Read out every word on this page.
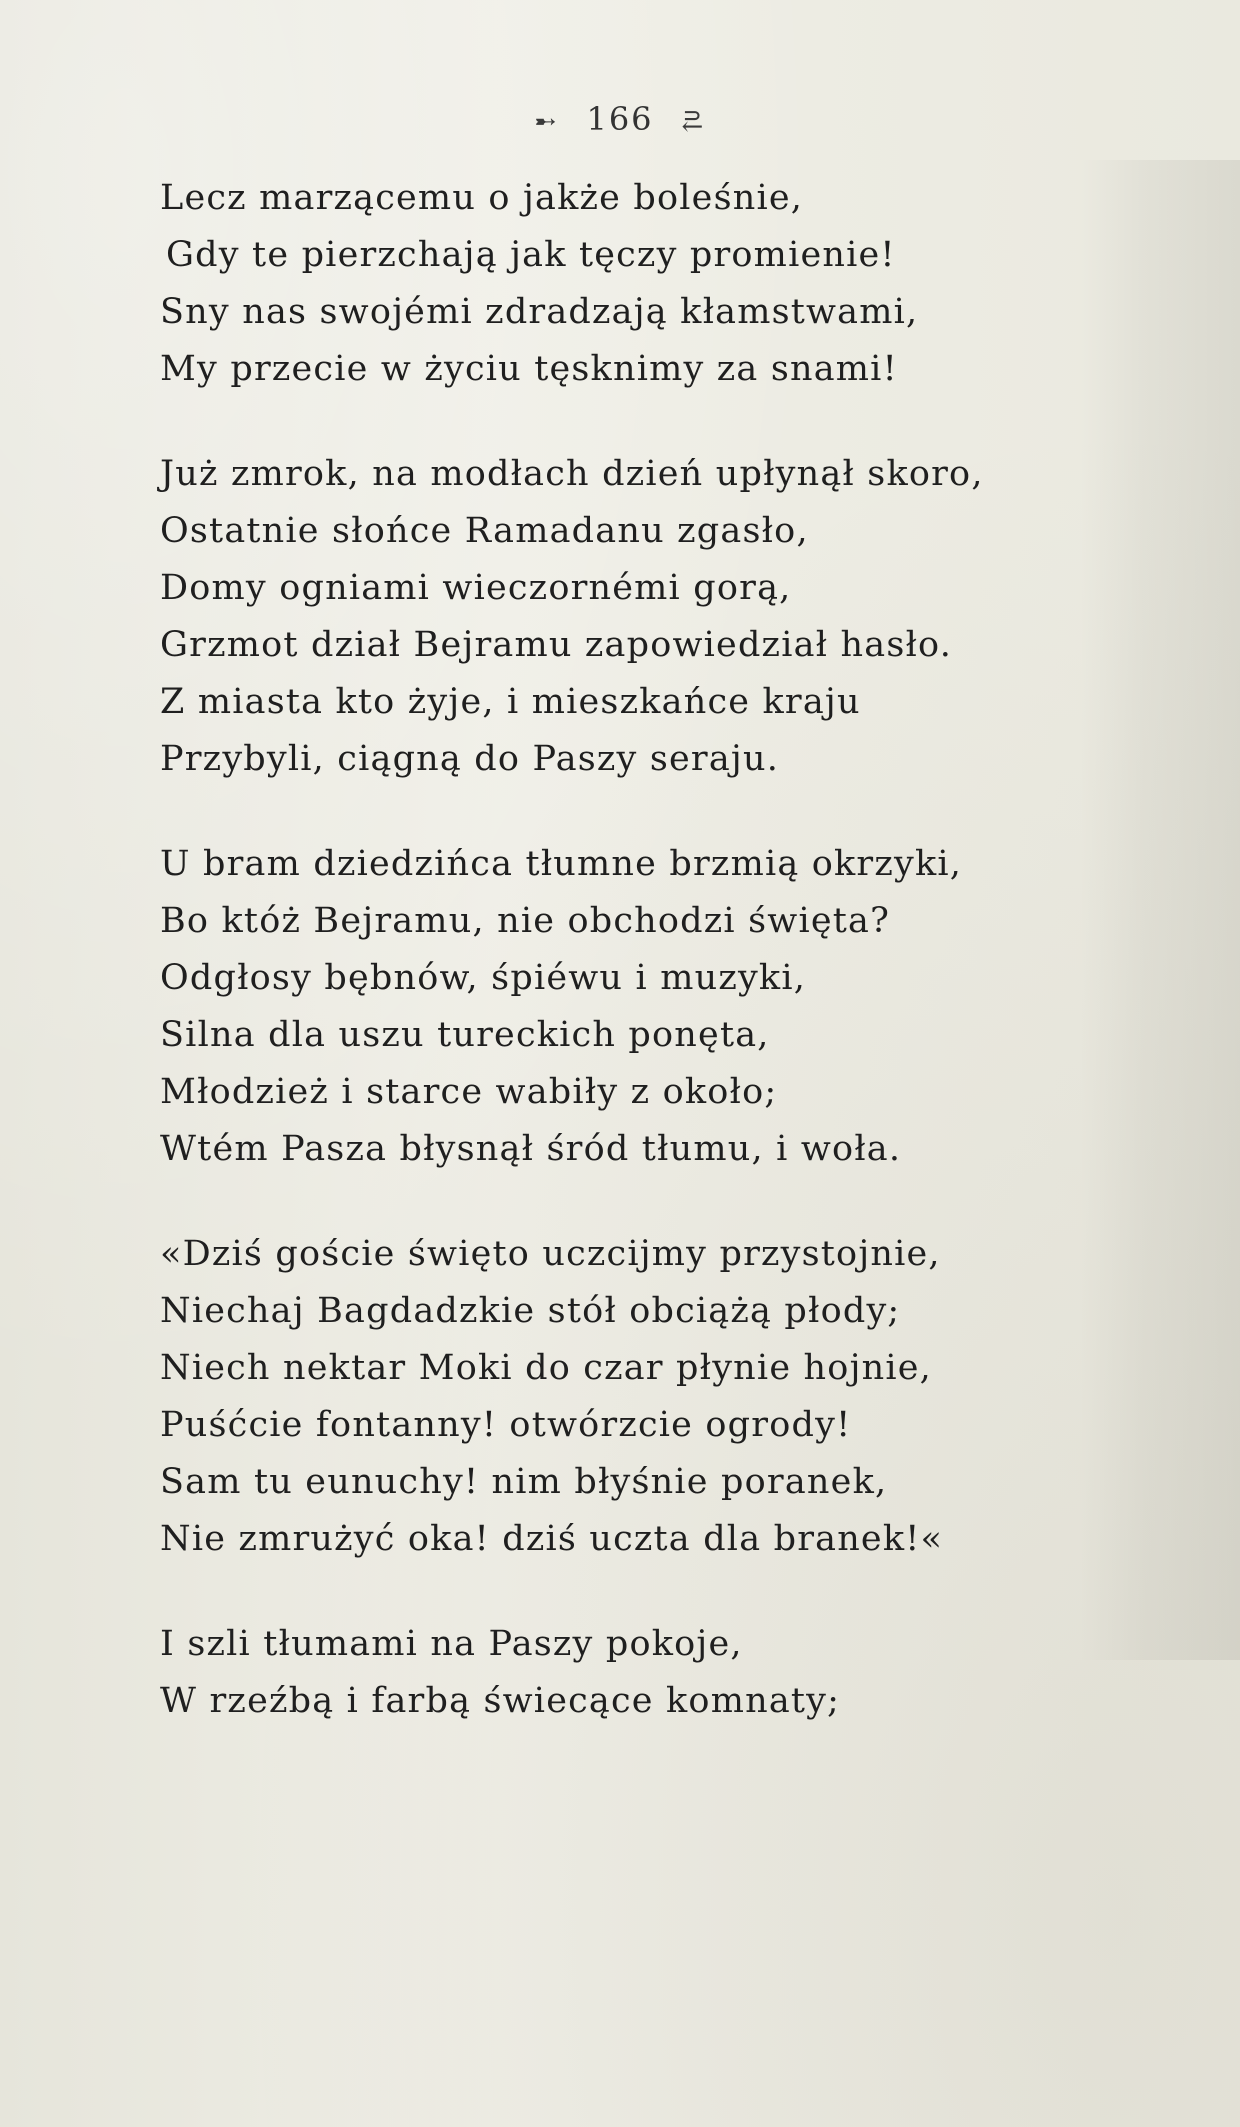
➸ 166 ⥻
Lecz marzącemu o jakże boleśnie,
Gdy te pierzchają jak tęczy promienie!
Sny nas swojémi zdradzają kłamstwami,
My przecie w życiu tęsknimy za snami!
Już zmrok, na modłach dzień upłynął skoro,
Ostatnie słońce Ramadanu zgasło,
Domy ogniami wieczornémi gorą,
Grzmot dział Bejramu zapowiedział hasło.
Z miasta kto żyje, i mieszkańce kraju
Przybyli, ciągną do Paszy seraju.
U bram dziedzińca tłumne brzmią okrzyki,
Bo któż Bejramu, nie obchodzi święta?
Odgłosy bębnów, śpiéwu i muzyki,
Silna dla uszu tureckich ponęta,
Młodzież i starce wabiły z około;
Wtém Pasza błysnął śród tłumu, i woła.
«Dziś goście święto uczcijmy przystojnie,
Niechaj Bagdadzkie stół obciążą płody;
Niech nektar Moki do czar płynie hojnie,
Puśćcie fontanny! otwórzcie ogrody!
Sam tu eunuchy! nim błyśnie poranek,
Nie zmrużyć oka! dziś uczta dla branek!«
I szli tłumami na Paszy pokoje,
W rzeźbą i farbą świecące komnaty;
